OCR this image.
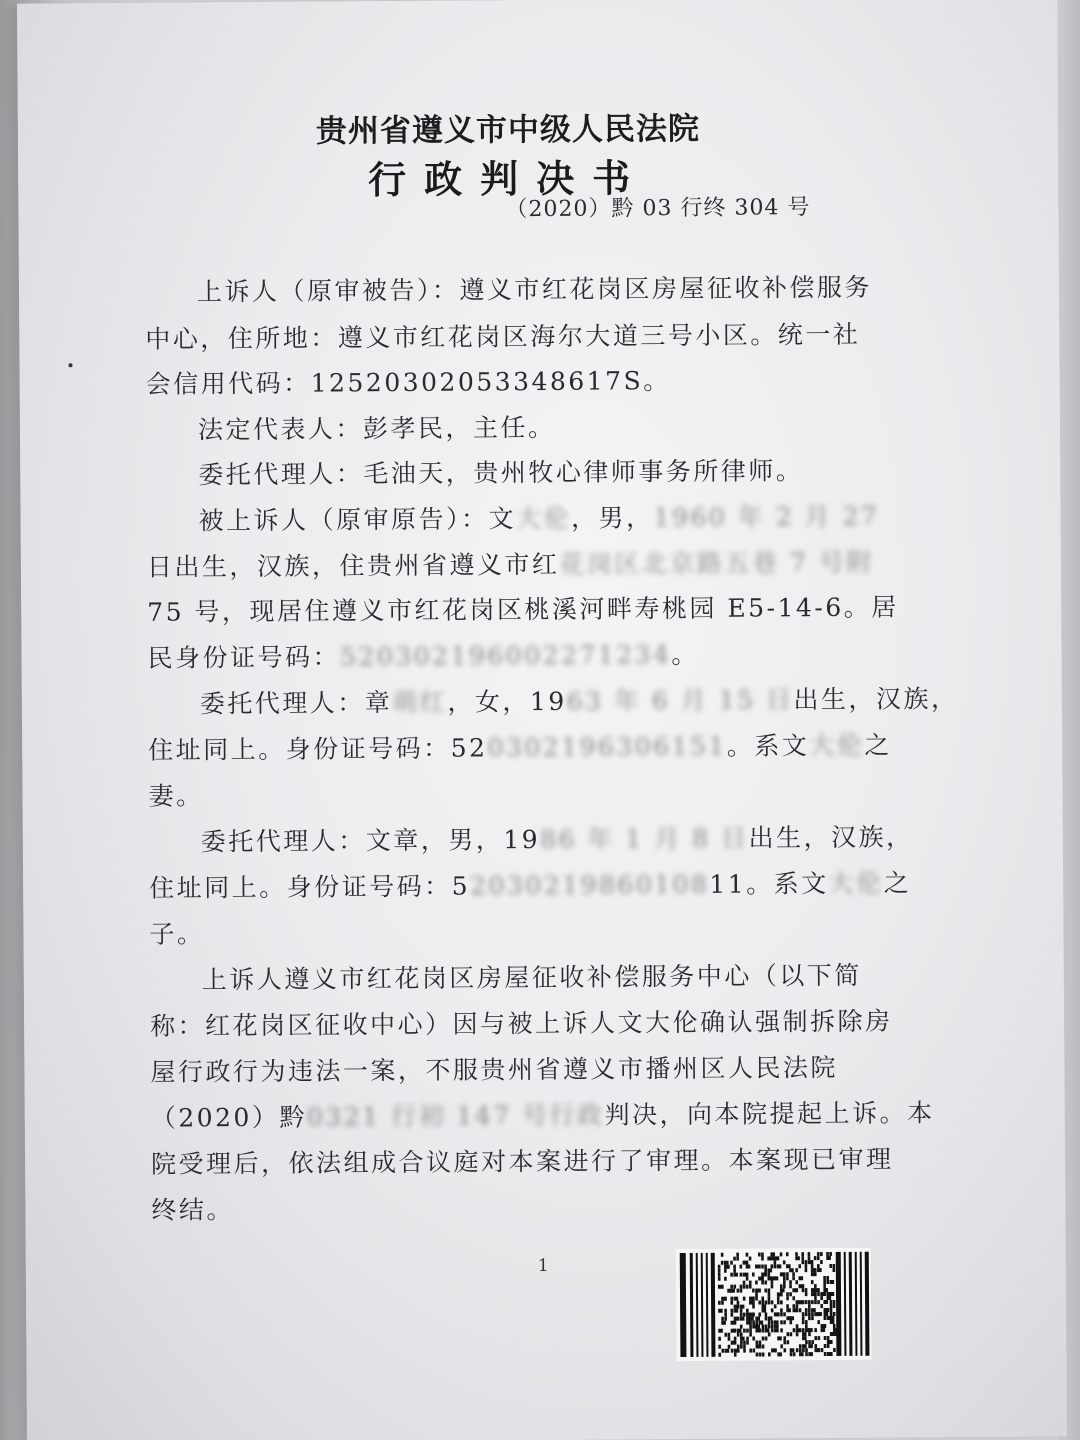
贵州省遵义市中级人民法院
行政判决书
（2020）黔 03 行终 304 号
上诉人（原审被告）：遵义市红花岗区房屋征收补偿服务
中心，住所地：遵义市红花岗区海尔大道三号小区。统一社
会信用代码：12520302053348617S。
法定代表人：彭孝民，主任。
委托代理人：毛油天，贵州牧心律师事务所律师。
被上诉人（原审原告）：文大伦，男，1960 年 2 月 27
日出生，汉族，住贵州省遵义市红花岗区北京路五巷 7 号附
75 号，现居住遵义市红花岗区桃溪河畔寿桃园 E5-14-6。居
民身份证号码：520302196002271234。
委托代理人：章萌红，女，1963 年 6 月 15 日出生，汉族，
住址同上。身份证号码：520302196306151。系文大伦之
妻。
委托代理人：文章，男，1986 年 1 月 8 日出生，汉族，
住址同上。身份证号码：5203021986010811。系文大伦之
子。
上诉人遵义市红花岗区房屋征收补偿服务中心（以下简
称：红花岗区征收中心）因与被上诉人文大伦确认强制拆除房
屋行政行为违法一案，不服贵州省遵义市播州区人民法院
（2020）黔0321 行初 147 号行政判决，向本院提起上诉。本
院受理后，依法组成合议庭对本案进行了审理。本案现已审理
终结。
1
